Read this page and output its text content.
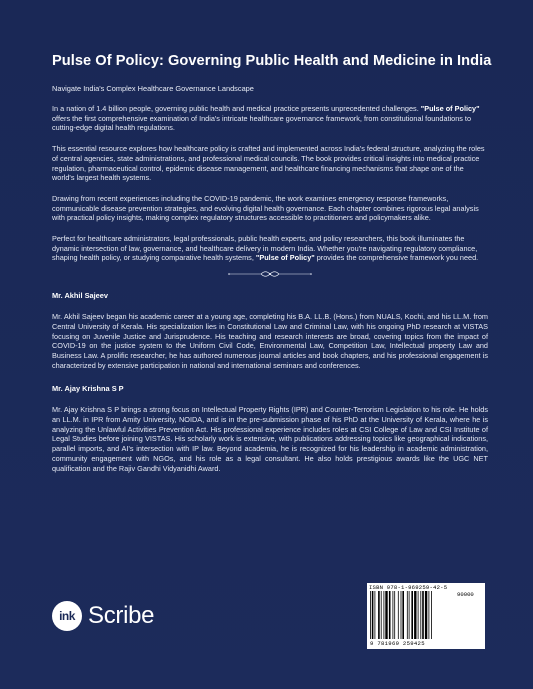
Pulse Of Policy: Governing Public Health and Medicine in India
Navigate India's Complex Healthcare Governance Landscape

In a nation of 1.4 billion people, governing public health and medical practice presents unprecedented challenges. "Pulse of Policy" offers the first comprehensive examination of India's intricate healthcare governance framework, from constitutional foundations to cutting-edge digital health regulations.

This essential resource explores how healthcare policy is crafted and implemented across India's federal structure, analyzing the roles of central agencies, state administrations, and professional medical councils. The book provides critical insights into medical practice regulation, pharmaceutical control, epidemic disease management, and healthcare financing mechanisms that shape one of the world's largest health systems.

Drawing from recent experiences including the COVID-19 pandemic, the work examines emergency response frameworks, communicable disease prevention strategies, and evolving digital health governance. Each chapter combines rigorous legal analysis with practical policy insights, making complex regulatory structures accessible to practitioners and policymakers alike.

Perfect for healthcare administrators, legal professionals, public health experts, and policy researchers, this book illuminates the dynamic intersection of law, governance, and healthcare delivery in modern India. Whether you're navigating regulatory compliance, shaping health policy, or studying comparative health systems, "Pulse of Policy" provides the comprehensive framework you need.

Mr. Akhil Sajeev

Mr. Akhil Sajeev began his academic career at a young age, completing his B.A. LL.B. (Hons.) from NUALS, Kochi, and his LL.M. from Central University of Kerala. His specialization lies in Constitutional Law and Criminal Law, with his ongoing PhD research at VISTAS focusing on Juvenile Justice and Jurisprudence. His teaching and research interests are broad, covering topics from the impact of COVID-19 on the justice system to the Uniform Civil Code, Environmental Law, Competition Law, Intellectual property Law and Business Law. A prolific researcher, he has authored numerous journal articles and book chapters, and his professional engagement is characterized by extensive participation in national and international seminars and conferences.

Mr. Ajay Krishna S P

Mr. Ajay Krishna S P brings a strong focus on Intellectual Property Rights (IPR) and Counter-Terrorism Legislation to his role. He holds an LL.M. in IPR from Amity University, NOIDA, and is in the pre-submission phase of his PhD at the University of Kerala, where he is analyzing the Unlawful Activities Prevention Act. His professional experience includes roles at CSI College of Law and CSI Institute of Legal Studies before joining VISTAS. His scholarly work is extensive, with publications addressing topics like geographical indications, parallel imports, and AI's intersection with IP law. Beyond academia, he is recognized for his leadership in academic administration, community engagement with NGOs, and his role as a legal consultant. He also holds prestigious awards like the UGC NET qualification and the Rajiv Gandhi Vidyanidhi Award.

ink Scribe
ISBN 978-1-969259-42-5
90000
9 781969 259425
